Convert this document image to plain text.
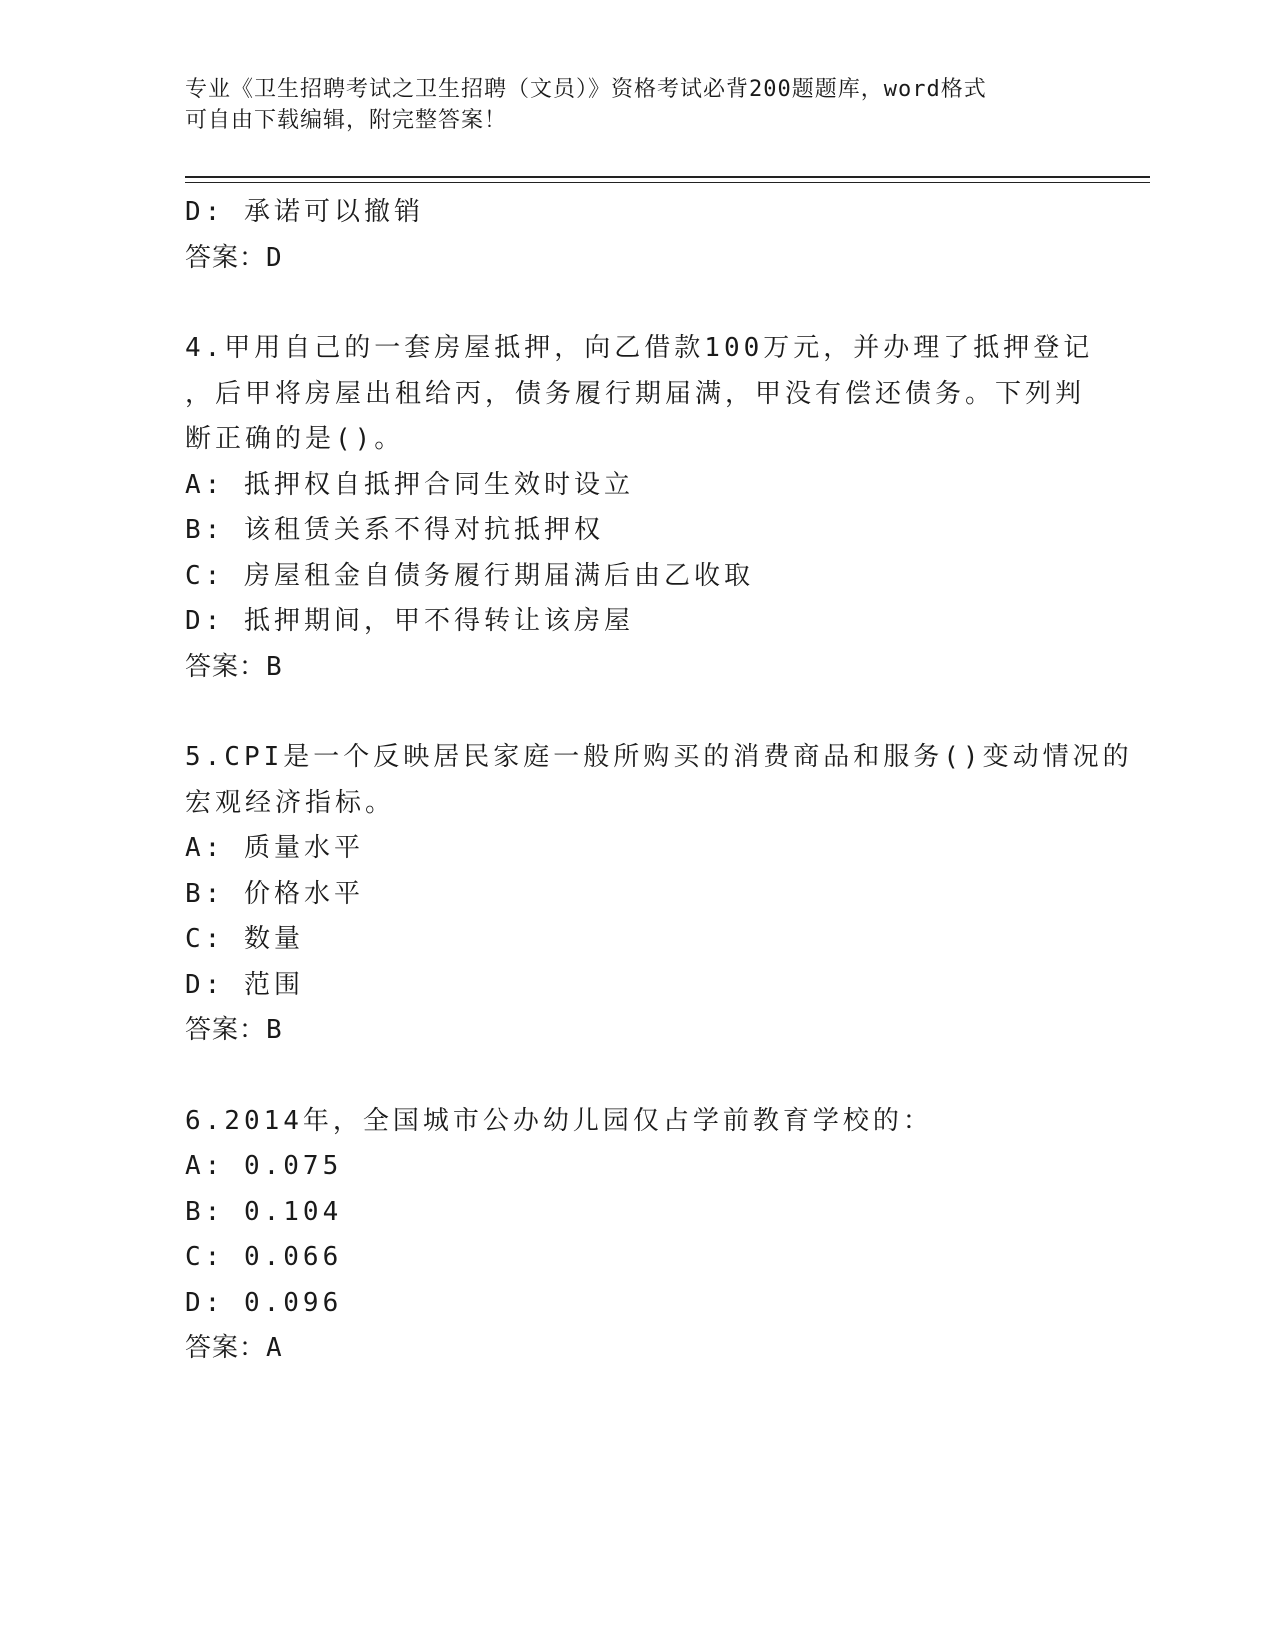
专业《卫生招聘考试之卫生招聘（文员）》资格考试必背200题题库，word格式
可自由下载编辑，附完整答案！
D: 承诺可以撤销
答案：D
4.甲用自己的一套房屋抵押，向乙借款100万元，并办理了抵押登记
，后甲将房屋出租给丙，债务履行期届满，甲没有偿还债务。下列判
断正确的是()。
A: 抵押权自抵押合同生效时设立
B: 该租赁关系不得对抗抵押权
C: 房屋租金自债务履行期届满后由乙收取
D: 抵押期间，甲不得转让该房屋
答案：B
5.CPI是一个反映居民家庭一般所购买的消费商品和服务()变动情况的
宏观经济指标。
A: 质量水平
B: 价格水平
C: 数量
D: 范围
答案：B
6.2014年，全国城市公办幼儿园仅占学前教育学校的：
A: 0.075
B: 0.104
C: 0.066
D: 0.096
答案：A
